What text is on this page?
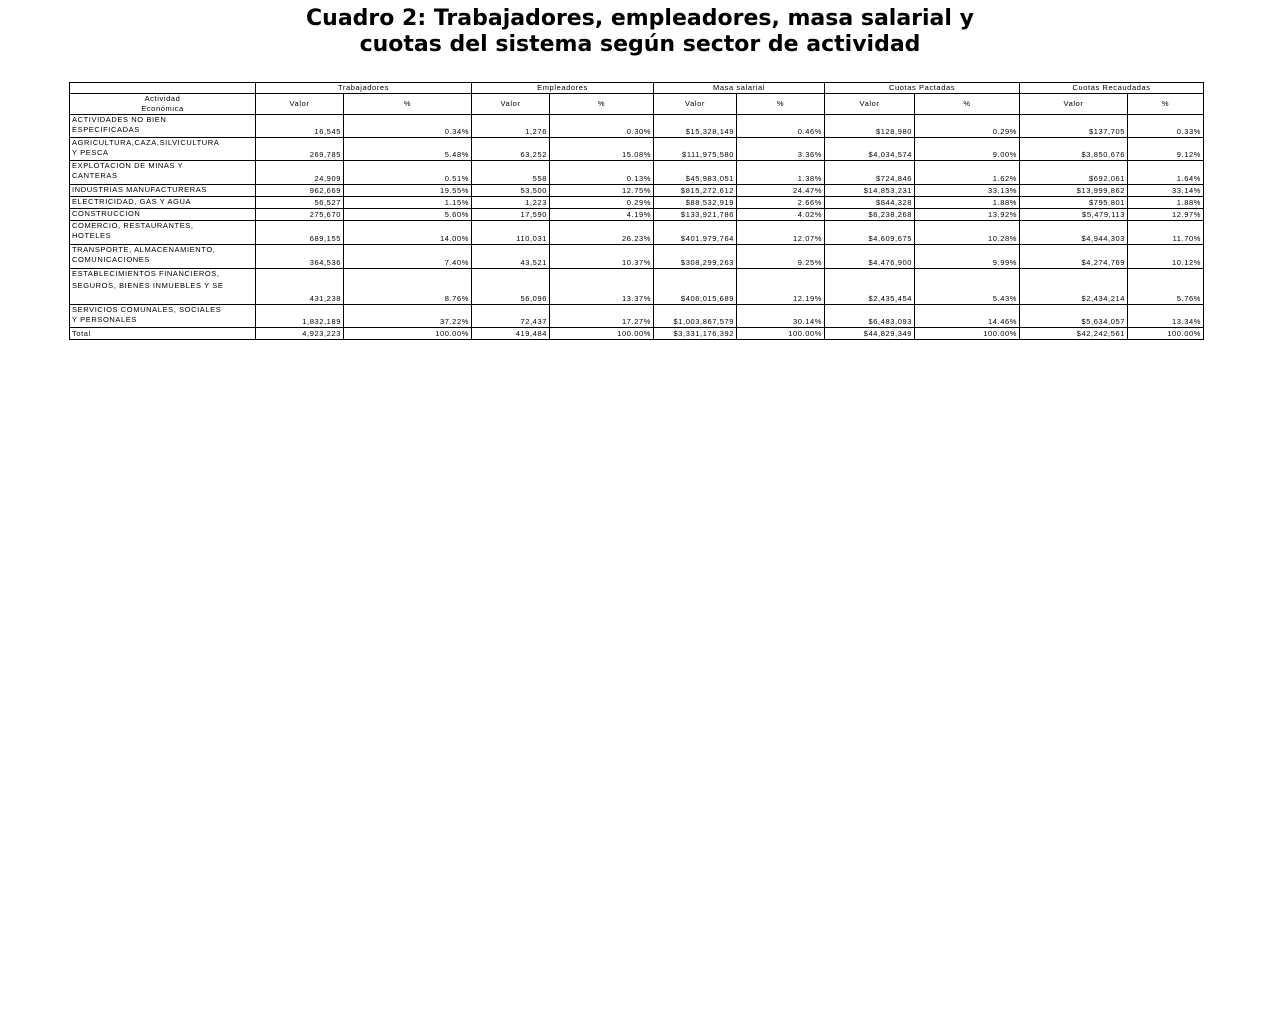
Cuadro 2: Trabajadores, empleadores, masa salarial y
cuotas del sistema según sector de actividad
	Trabajadores		Empleadores		Masa salarial		Cuotas Pactadas		Cuotas Recaudadas	

Actividad
Económica	Valor	%	Valor	%	Valor	%	Valor	%	Valor	%

ACTIVIDADES NO BIEN
ESPECIFICADAS	16,545	0.34%	1,276	0.30%	$15,328,149	0.46%	$128,980	0.29%	$137,705	0.33%

AGRICULTURA,CAZA,SILVICULTURA
Y PESCA	269,785	5.48%	63,252	15.08%	$111,975,580	3.36%	$4,034,574	9.00%	$3,850,676	9.12%

EXPLOTACION DE MINAS Y
CANTERAS	24,909	0.51%	558	0.13%	$45,983,051	1.38%	$724,846	1.62%	$692,061	1.64%

INDUSTRIAS MANUFACTURERAS	962,669	19.55%	53,500	12.75%	$815,272,612	24.47%	$14,853,231	33.13%	$13,999,862	33.14%

ELECTRICIDAD, GAS Y AGUA	56,527	1.15%	1,223	0.29%	$88,532,919	2.66%	$844,328	1.88%	$795,801	1.88%

CONSTRUCCION	275,670	5.60%	17,590	4.19%	$133,921,786	4.02%	$6,238,268	13.92%	$5,479,113	12.97%

COMERCIO, RESTAURANTES,
HOTELES	689,155	14.00%	110,031	26.23%	$401,979,764	12.07%	$4,609,675	10.28%	$4,944,303	11.70%

TRANSPORTE, ALMACENAMIENTO,
COMUNICACIONES	364,536	7.40%	43,521	10.37%	$308,299,263	9.25%	$4,476,900	9.99%	$4,274,769	10.12%

ESTABLECIMIENTOS FINANCIEROS,
SEGUROS, BIENES INMUEBLES Y SE	431,238	8.76%	56,096	13.37%	$406,015,689	12.19%	$2,435,454	5.43%	$2,434,214	5.76%

SERVICIOS COMUNALES, SOCIALES
Y PERSONALES	1,832,189	37.22%	72,437	17.27%	$1,003,867,579	30.14%	$6,483,093	14.46%	$5,634,057	13.34%
Total	4,923,223	100.00%	419,484	100.00%	$3,331,176,392	100.00%	$44,829,349	100.00%	$42,242,561	100.00%
